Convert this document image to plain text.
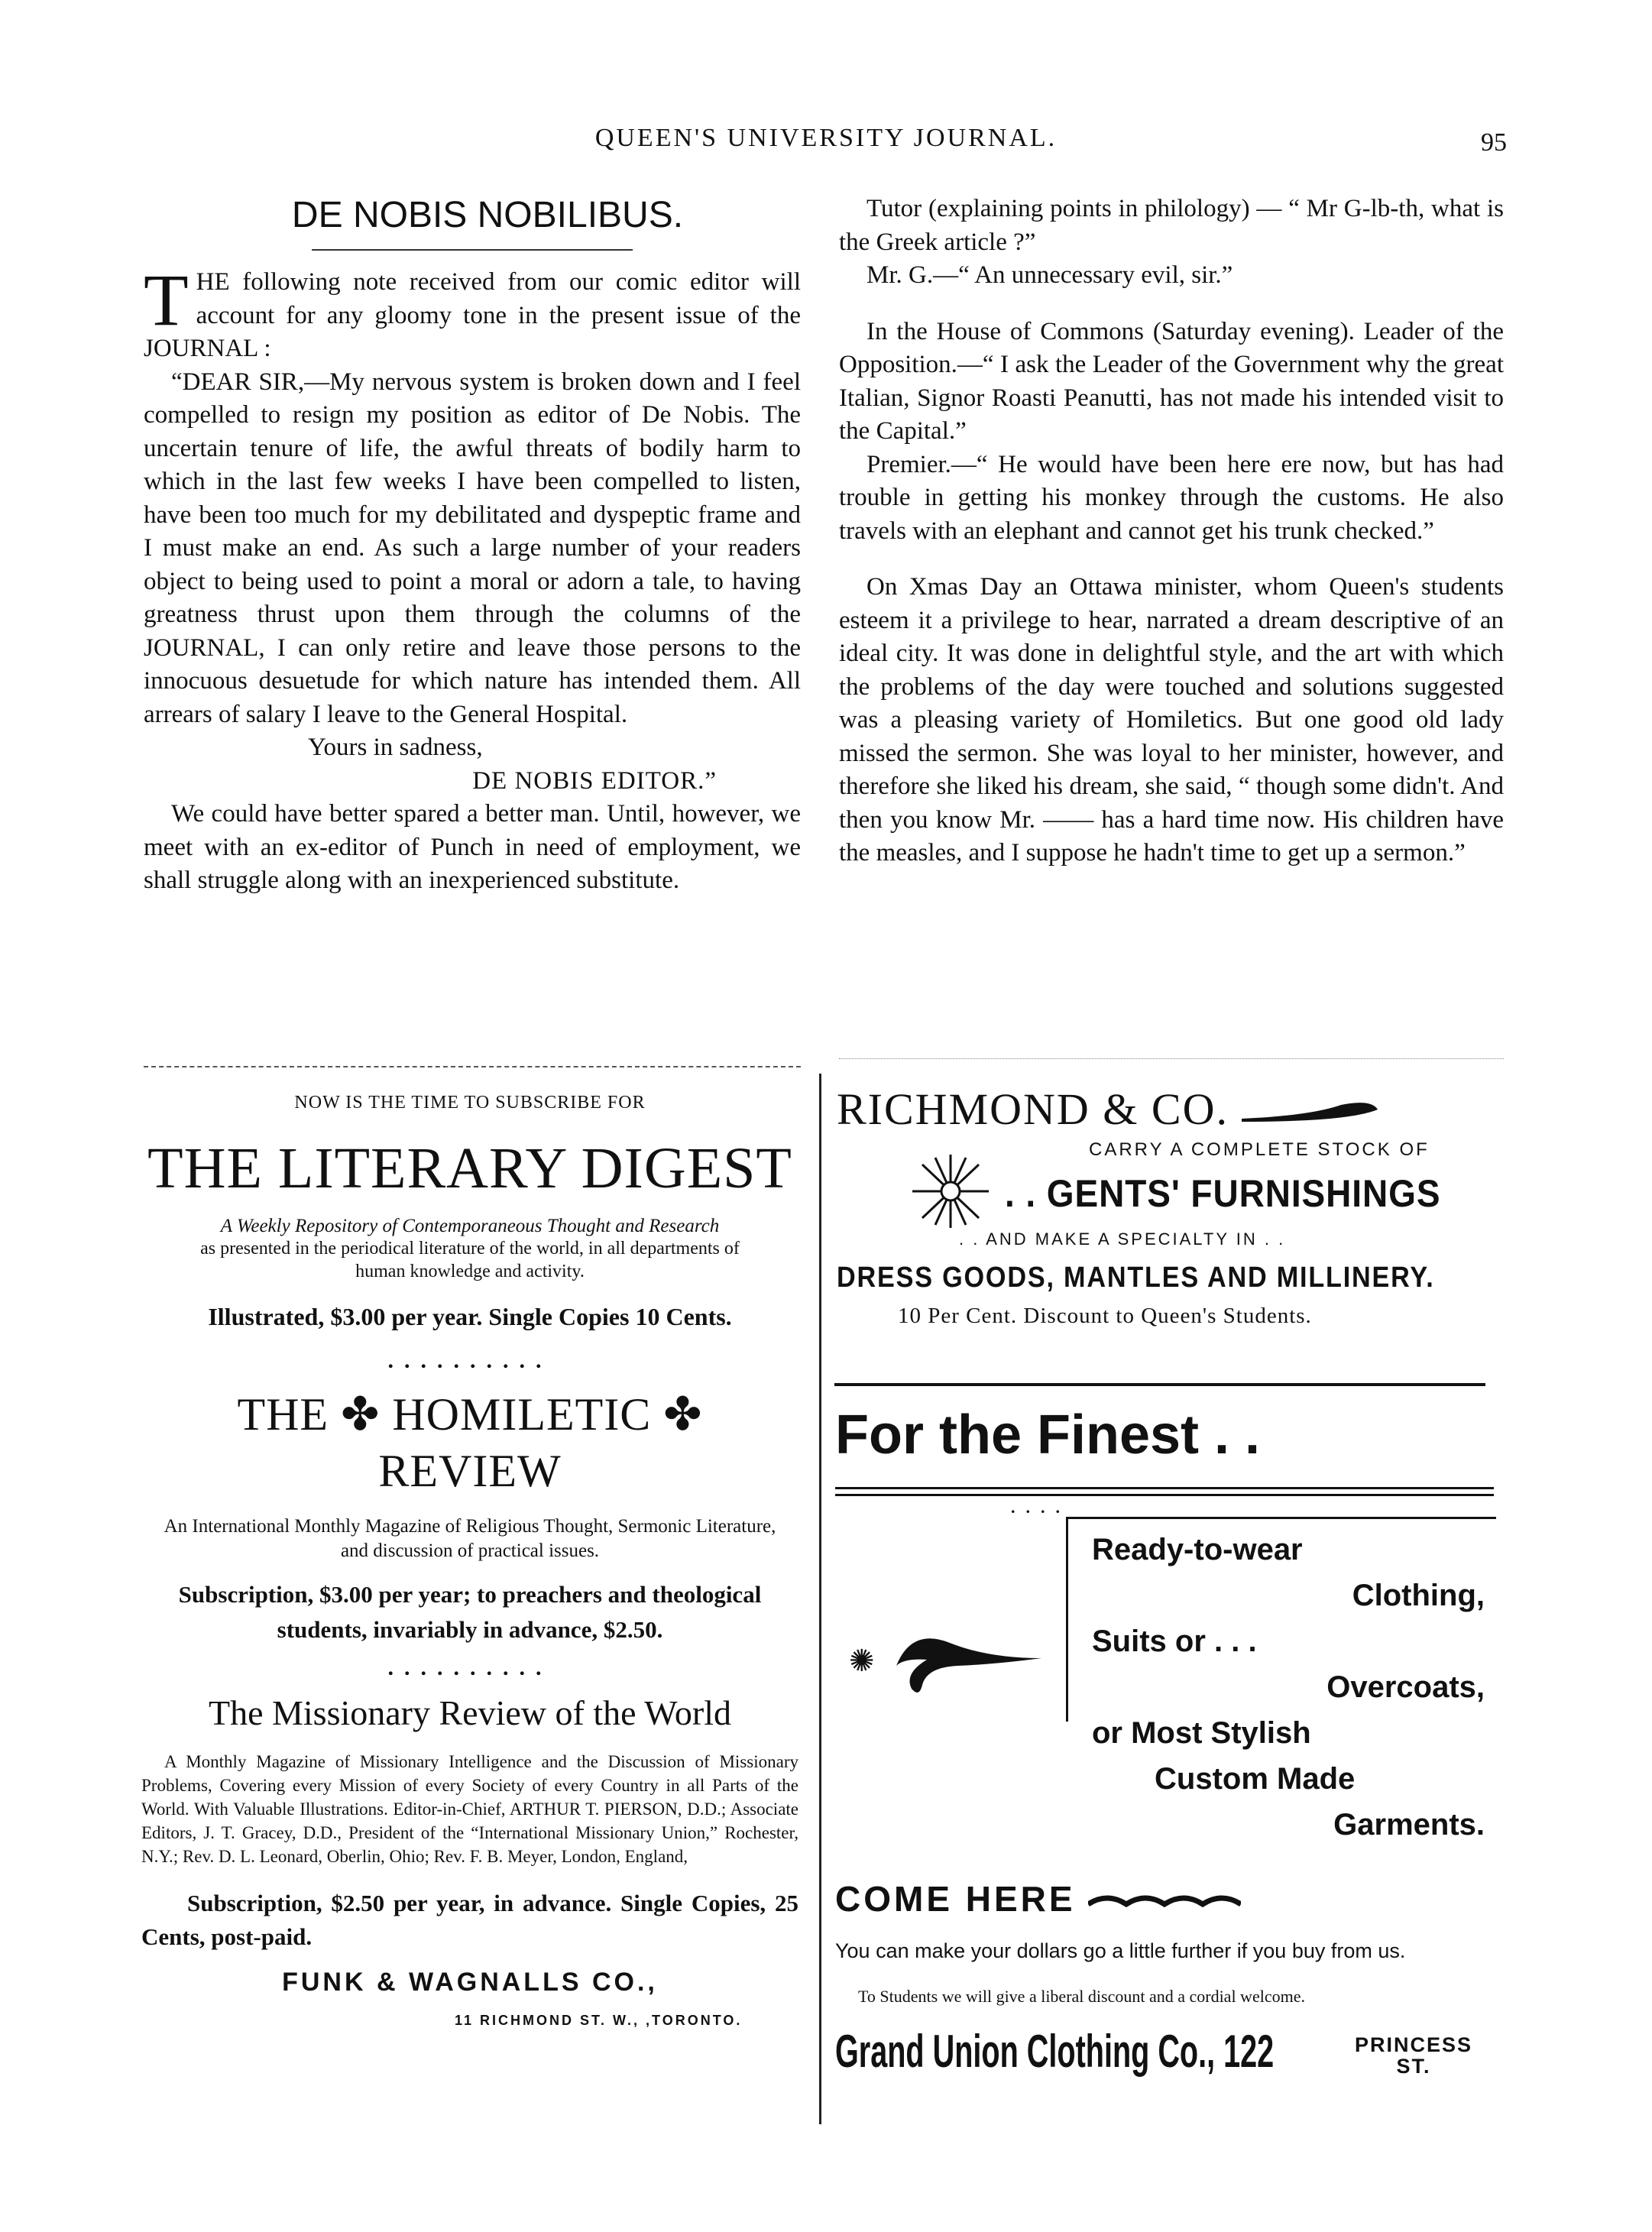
QUEEN'S UNIVERSITY JOURNAL.	95
DE NOBIS NOBILIBUS.

T HE following note received from our comic editor will account for any gloomy tone in the present issue of the JOURNAL :

“DEAR SIR,—My nervous system is broken down and I feel compelled to resign my position as editor of De Nobis. The uncertain tenure of life, the awful threats of bodily harm to which in the last few weeks I have been compelled to listen, have been too much for my debilitated and dyspeptic frame and I must make an end. As such a large number of your readers object to being used to point a moral or adorn a tale, to having greatness thrust upon them through the columns of the JOURNAL, I can only retire and leave those persons to the innocuous desuetude for which nature has intended them. All arrears of salary I leave to the General Hospital.

Yours in sadness,

DE NOBIS EDITOR.”

We could have better spared a better man. Until, however, we meet with an ex-editor of Punch in need of employment, we shall struggle along with an inexperienced substitute.

Tutor (explaining points in philology) — “ Mr G-lb-th, what is the Greek article ?”

Mr. G.—“ An unnecessary evil, sir.”

In the House of Commons (Saturday evening). Leader of the Opposition.—“ I ask the Leader of the Government why the great Italian, Signor Roasti Peanutti, has not made his intended visit to the Capital.”

Premier.—“ He would have been here ere now, but has had trouble in getting his monkey through the customs. He also travels with an elephant and cannot get his trunk checked.”

On Xmas Day an Ottawa minister, whom Queen's students esteem it a privilege to hear, narrated a dream descriptive of an ideal city. It was done in delightful style, and the art with which the problems of the day were touched and solutions suggested was a pleasing variety of Homiletics. But one good old lady missed the sermon. She was loyal to her minister, however, and therefore she liked his dream, she said, “ though some didn't. And then you know Mr. —— has a hard time now. His children have the measles, and I suppose he hadn't time to get up a sermon.”

NOW IS THE TIME TO SUBSCRIBE FOR
THE LITERARY DIGEST
A Weekly Repository of Contemporaneous Thought and Research
as presented in the periodical literature of the world, in all departments of human knowledge and activity.
Illustrated, $3.00 per year. Single Copies 10 Cents.
..........
THE ✤ HOMILETIC ✤ REVIEW
An International Monthly Magazine of Religious Thought, Sermonic Literature, and discussion of practical issues.
Subscription, $3.00 per year; to preachers and theological students, invariably in advance, $2.50.
..........
The Missionary Review of the World
A Monthly Magazine of Missionary Intelligence and the Discussion of Missionary Problems, Covering every Mission of every Society of every Country in all Parts of the World. With Valuable Illustrations. Editor-in-Chief, ARTHUR T. PIERSON, D.D.; Associate Editors, J. T. Gracey, D.D., President of the “International Missionary Union,” Rochester, N.Y.; Rev. D. L. Leonard, Oberlin, Ohio; Rev. F. B. Meyer, London, England,
Subscription, $2.50 per year, in advance. Single Copies, 25 Cents, post-paid.
FUNK & WAGNALLS CO.,
11 RICHMOND ST. W., ,TORONTO.
RICHMOND & CO.
CARRY A COMPLETE STOCK OF
. . GENTS' FURNISHINGS
. . AND MAKE A SPECIALTY IN . .
DRESS GOODS, MANTLES AND MILLINERY.
10 Per Cent. Discount to Queen's Students.
For the Finest . .
....
✺
Ready-to-wear
Clothing,
Suits or . . .
Overcoats,
or Most Stylish
Custom Made
Garments.
COME HERE
You can make your dollars go a little further if you buy from us.
To Students we will give a liberal discount and a cordial welcome.
Grand Union Clothing Co., 122	PRINCESS
ST.
